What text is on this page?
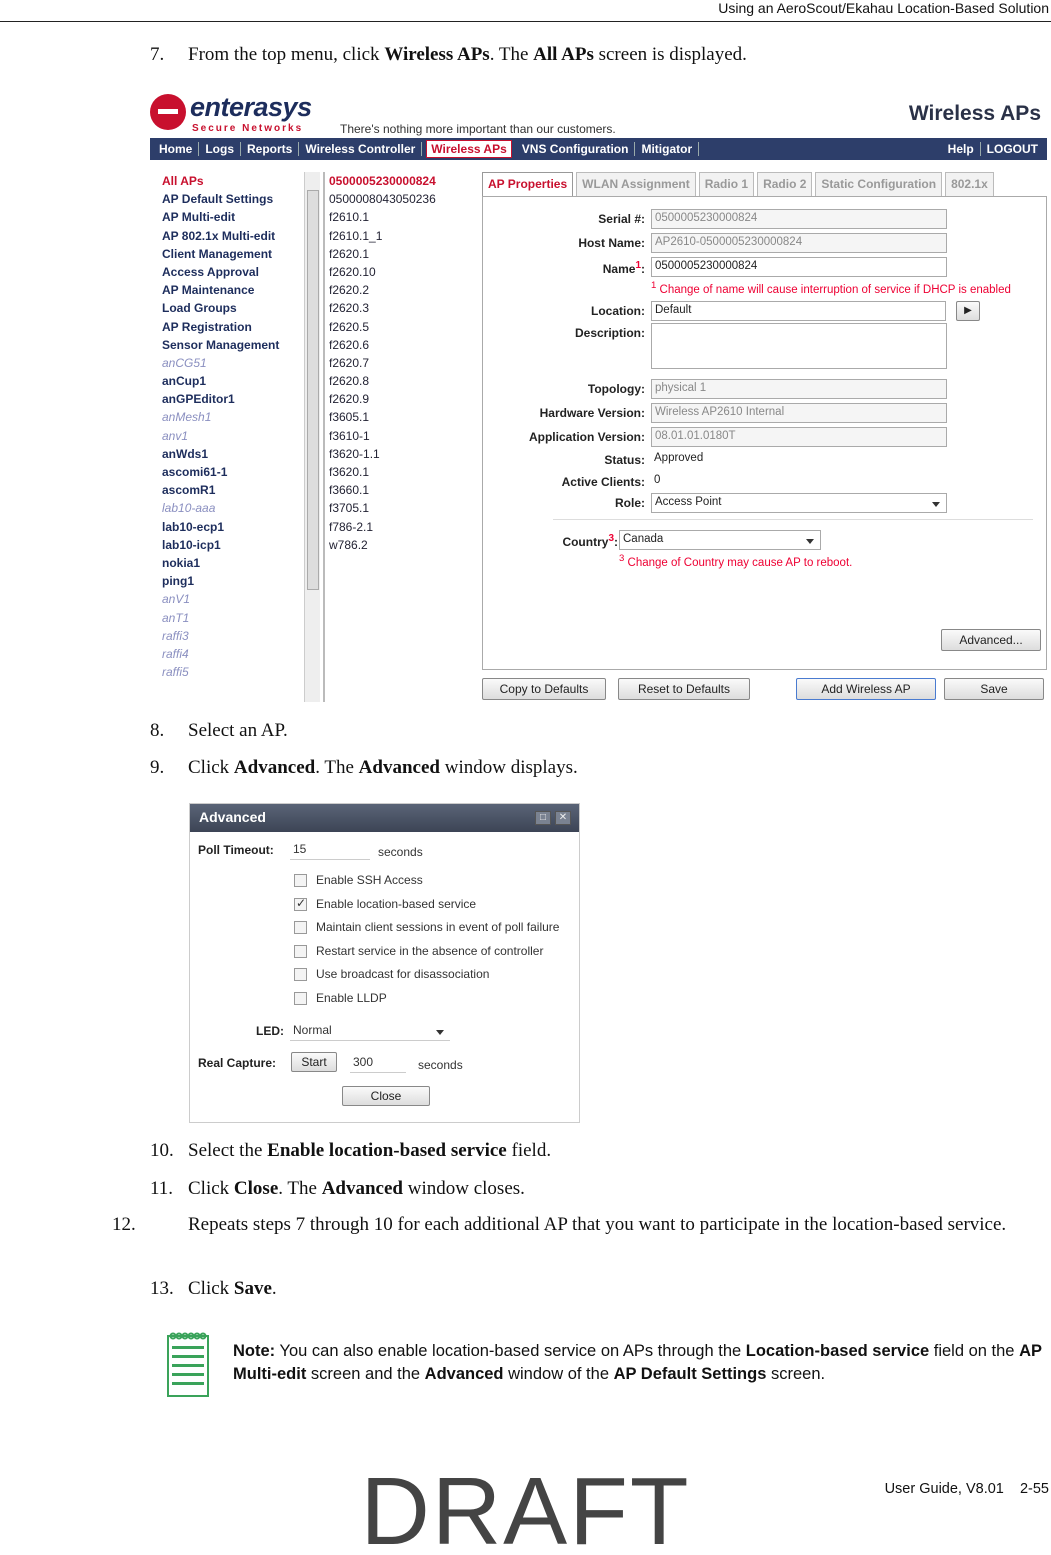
Using an AeroScout/Ekahau Location-Based Solution
7. From the top menu, click Wireless APs. The All APs screen is displayed.
8. Select an AP.
9. Click Advanced. The Advanced window displays.
10. Select the Enable location-based service field.
11. Click Close. The Advanced window closes.
12.	Repeats steps 7 through 10 for each additional AP that you want to participate in the location-based service.
13. Click Save.
enterasys
Secure Networks	There's nothing more important than our customers.
Wireless APs
Home	Logs	Reports	Wireless Controller	Wireless APs	VNS Configuration	Mitigator	Help	LOGOUT
All APs
AP Default Settings
AP Multi-edit
AP 802.1x Multi-edit
Client Management
Access Approval
AP Maintenance
Load Groups
AP Registration
Sensor Management
anCG51
anCup1
anGPEditor1
anMesh1
anv1
anWds1
ascomi61-1
ascomR1
lab10-aaa
lab10-ecp1
lab10-icp1
nokia1
ping1
anV1
anT1
raffi3
raffi4
raffi5
0500005230000824
0500008043050236
f2610.1
f2610.1_1
f2620.1
f2620.10
f2620.2
f2620.3
f2620.5
f2620.6
f2620.7
f2620.8
f2620.9
f3605.1
f3610-1
f3620-1.1
f3620.1
f3660.1
f3705.1
f786-2.1
w786.2
AP Properties	WLAN Assignment	Radio 1	Radio 2	Static Configuration	802.1x
Serial #: 0500005230000824
Host Name: AP2610-0500005230000824
Name$^1$: 0500005230000824
$^1$ Change of name will cause interruption of service if DHCP is enabled
Location: Default	▶
Description:
Topology: physical 1
Hardware Version: Wireless AP2610 Internal
Application Version: 08.01.01.0180T
Status: Approved
Active Clients: 0
Role: Access Point
Country$^3$: Canada
$^3$ Change of Country may cause AP to reboot.
Advanced...
Copy to Defaults	Reset to Defaults	Add Wireless AP	Save
Advanced	□	✕
Poll Timeout: 15	seconds
Enable SSH Access
✓
Enable location-based service
Maintain client sessions in event of poll failure
Restart service in the absence of controller
Use broadcast for disassociation
Enable LLDP
LED: Normal
Real Capture:	Start	300	seconds
Close
Note: You can also enable location-based service on APs through the Location-based service field on the AP Multi-edit screen and the Advanced window of the AP Default Settings screen.
User Guide, V8.01    2-55
DRAFT
